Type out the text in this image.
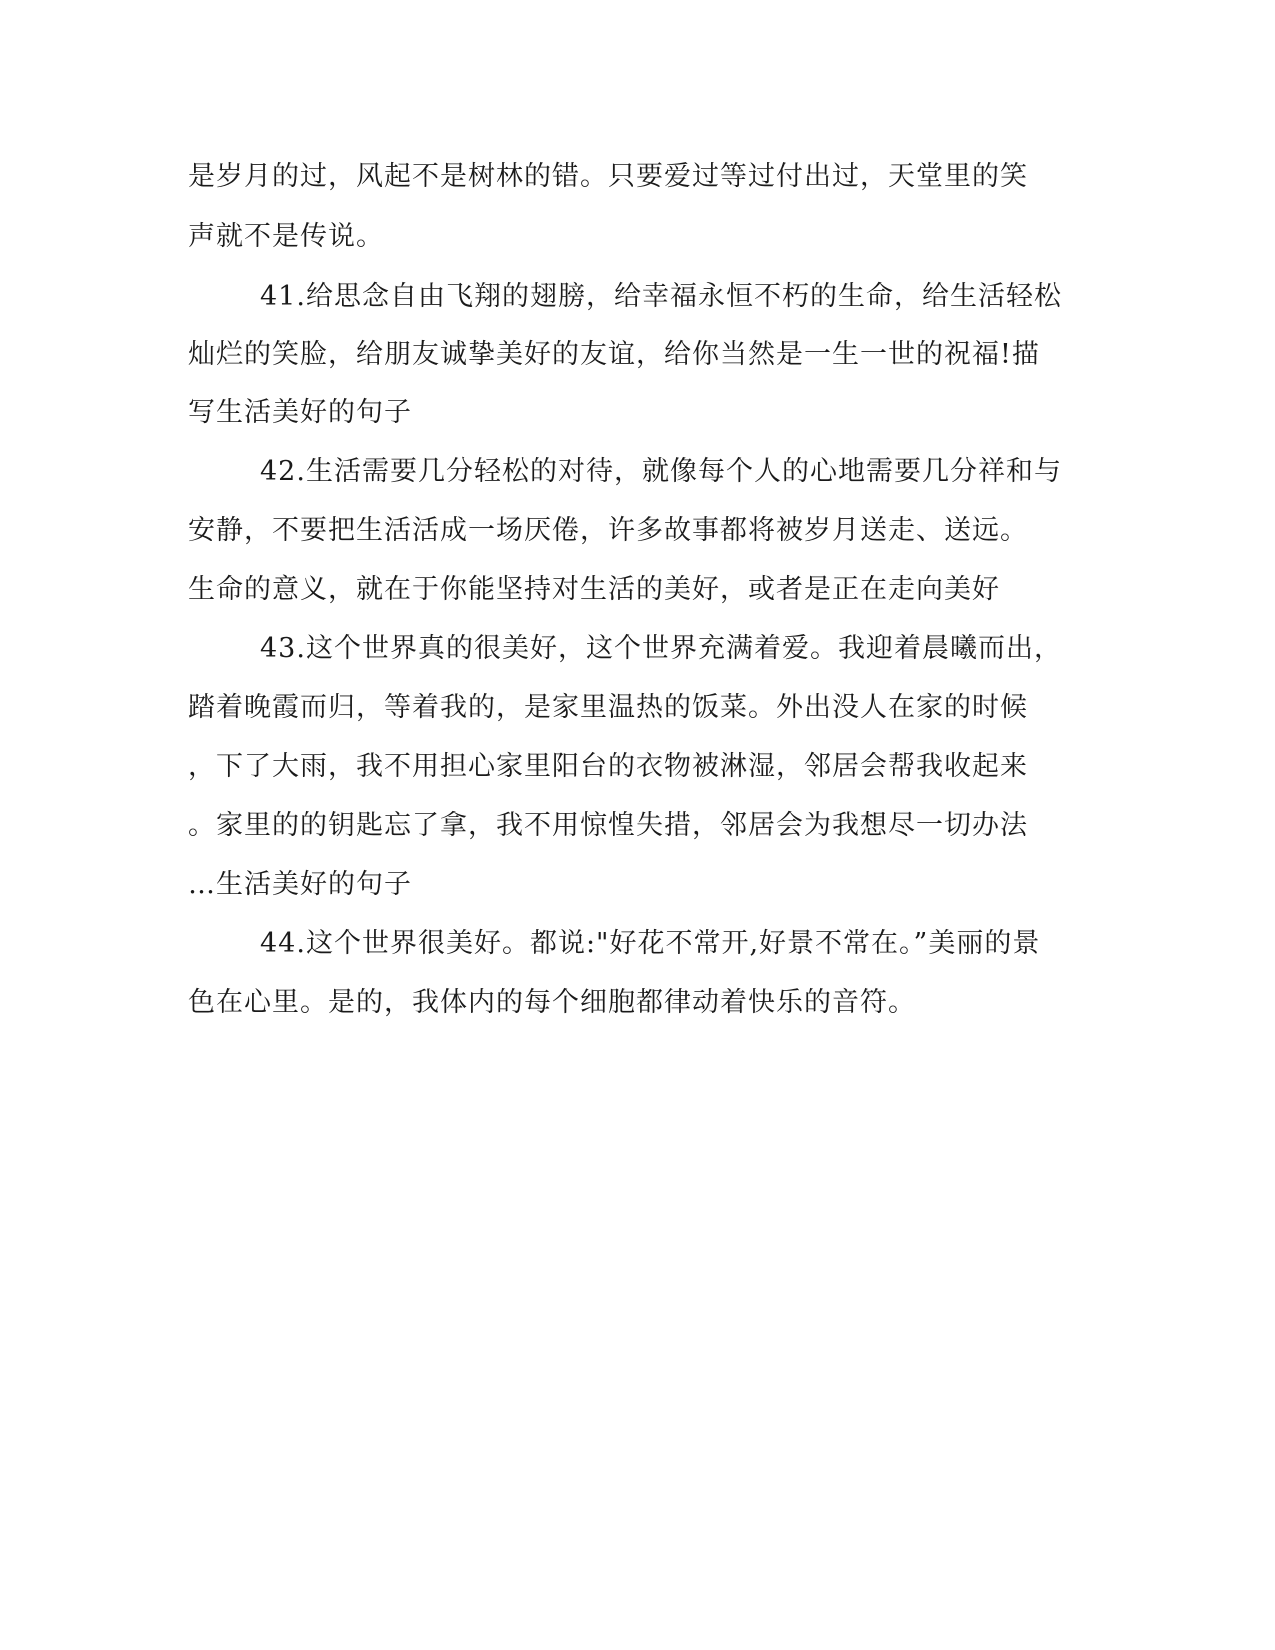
是岁月的过，风起不是树林的错。只要爱过等过付出过，天堂里的笑
声就不是传说。
41.给思念自由飞翔的翅膀，给幸福永恒不朽的生命，给生活轻松
灿烂的笑脸，给朋友诚挚美好的友谊，给你当然是一生一世的祝福!描
写生活美好的句子
42.生活需要几分轻松的对待，就像每个人的心地需要几分祥和与
安静，不要把生活活成一场厌倦，许多故事都将被岁月送走、送远。
生命的意义，就在于你能坚持对生活的美好，或者是正在走向美好
43.这个世界真的很美好，这个世界充满着爱。我迎着晨曦而出，
踏着晚霞而归，等着我的，是家里温热的饭菜。外出没人在家的时候
，下了大雨，我不用担心家里阳台的衣物被淋湿，邻居会帮我收起来
。家里的的钥匙忘了拿，我不用惊惶失措，邻居会为我想尽一切办法
…生活美好的句子
44.这个世界很美好。都说:"好花不常开,好景不常在。”美丽的景
色在心里。是的，我体内的每个细胞都律动着快乐的音符。
